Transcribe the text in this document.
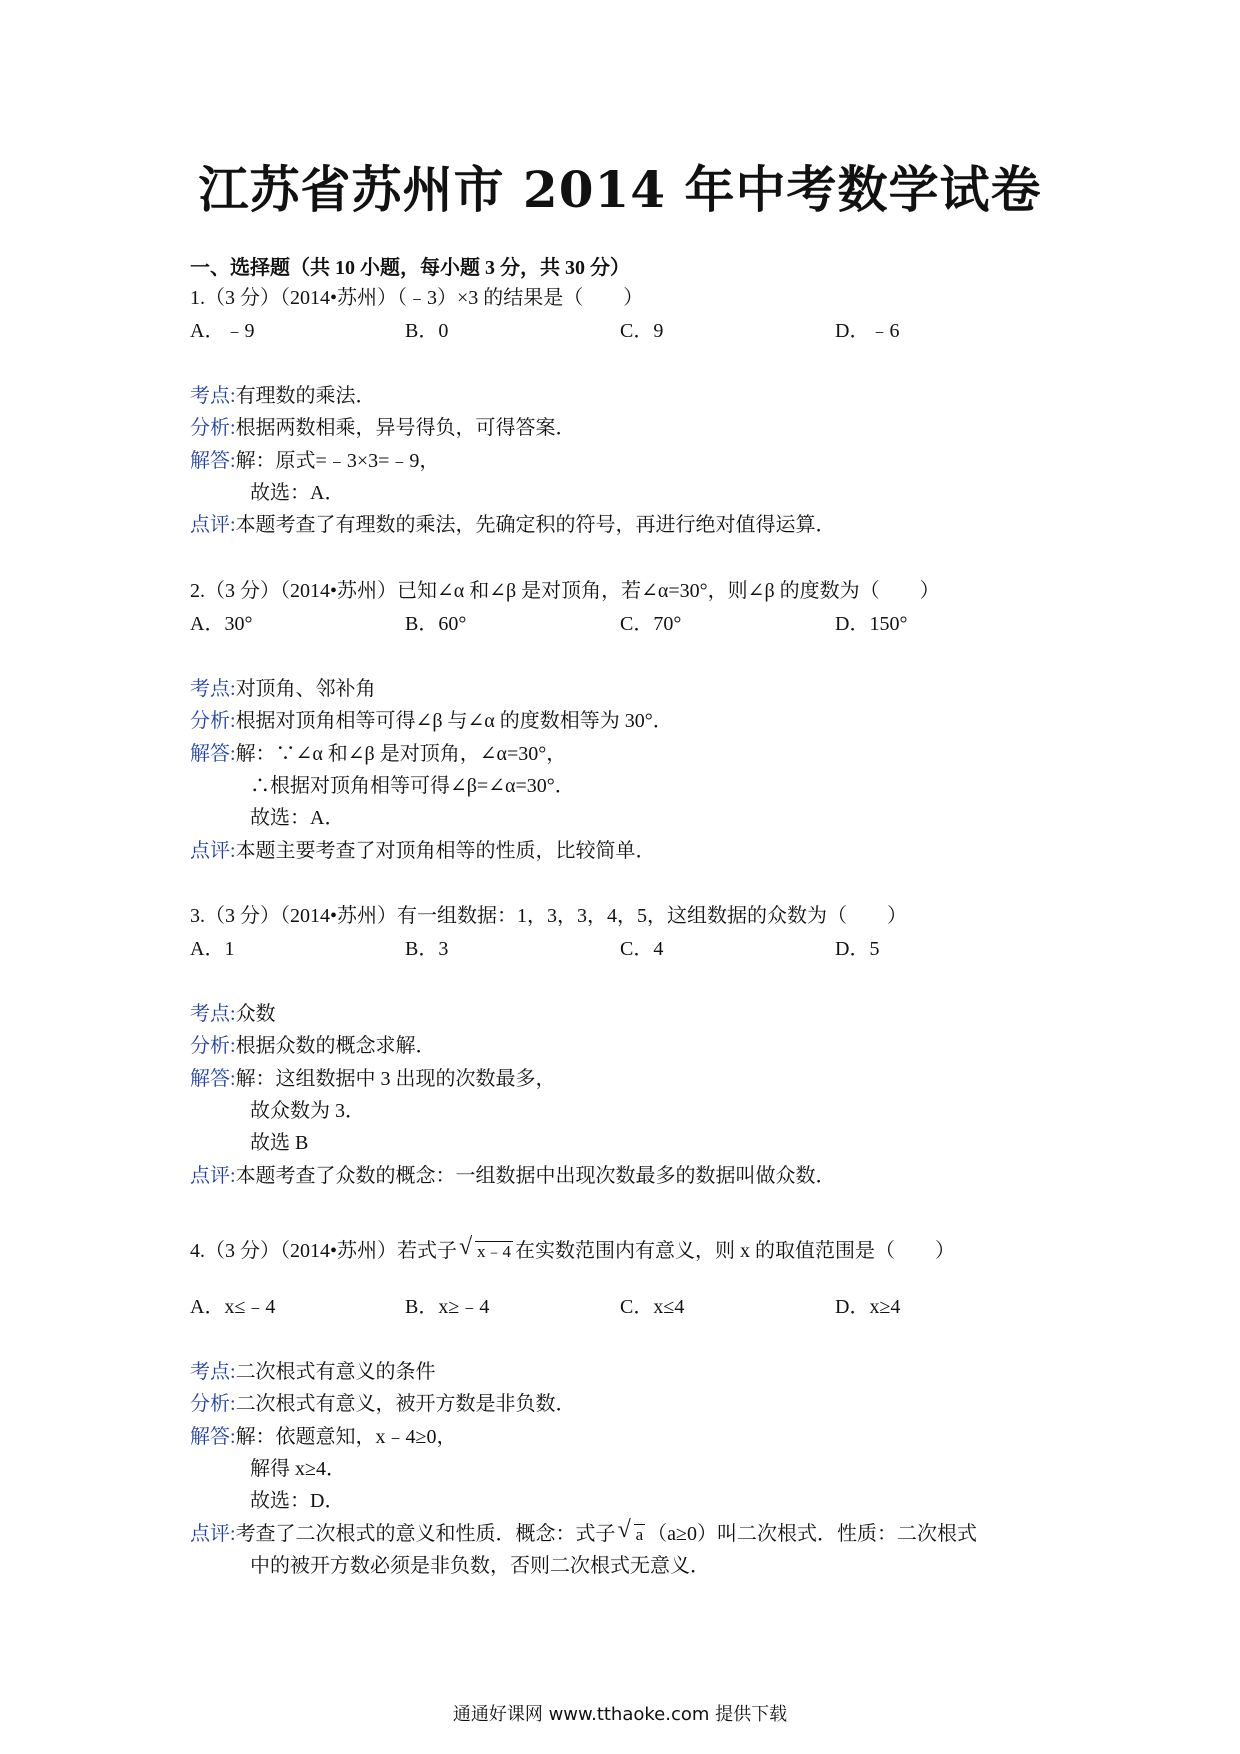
江苏省苏州市 2014 年中考数学试卷
一、选择题（共 10 小题，每小题 3 分，共 30 分）
1.（3 分）（2014•苏州）（﹣3）×3 的结果是（　　）
A．﹣9	B．0	C．9	D．﹣6
考点:有理数的乘法．
分析:根据两数相乘，异号得负，可得答案．
解答:解：原式=﹣3×3=﹣9，
故选：A．
点评:本题考查了有理数的乘法，先确定积的符号，再进行绝对值得运算．
2.（3 分）（2014•苏州）已知∠α 和∠β 是对顶角，若∠α=30°，则∠β 的度数为（　　）
A．30°	B．60°	C．70°	D．150°
考点:对顶角、邻补角
分析:根据对顶角相等可得∠β 与∠α 的度数相等为 30°．
解答:解：∵∠α 和∠β 是对顶角，∠α=30°，
∴根据对顶角相等可得∠β=∠α=30°．
故选：A．
点评:本题主要考查了对顶角相等的性质，比较简单．
3.（3 分）（2014•苏州）有一组数据：1，3，3，4，5，这组数据的众数为（　　）
A．1	B．3	C．4	D．5
考点:众数
分析:根据众数的概念求解．
解答:解：这组数据中 3 出现的次数最多，
故众数为 3．
故选 B
点评:本题考查了众数的概念：一组数据中出现次数最多的数据叫做众数．
4.（3 分）（2014•苏州）若式子 √ x﹣4 在实数范围内有意义，则 x 的取值范围是（　　）
A．x≤﹣4	B．x≥﹣4	C．x≤4	D．x≥4
考点:二次根式有意义的条件
分析:二次根式有意义，被开方数是非负数．
解答:解：依题意知，x﹣4≥0，
解得 x≥4．
故选：D．
点评:考查了二次根式的意义和性质．概念：式子 √ a （a≥0）叫二次根式．性质：二次根式
中的被开方数必须是非负数，否则二次根式无意义．
通通好课网 www.tthaoke.com 提供下载
